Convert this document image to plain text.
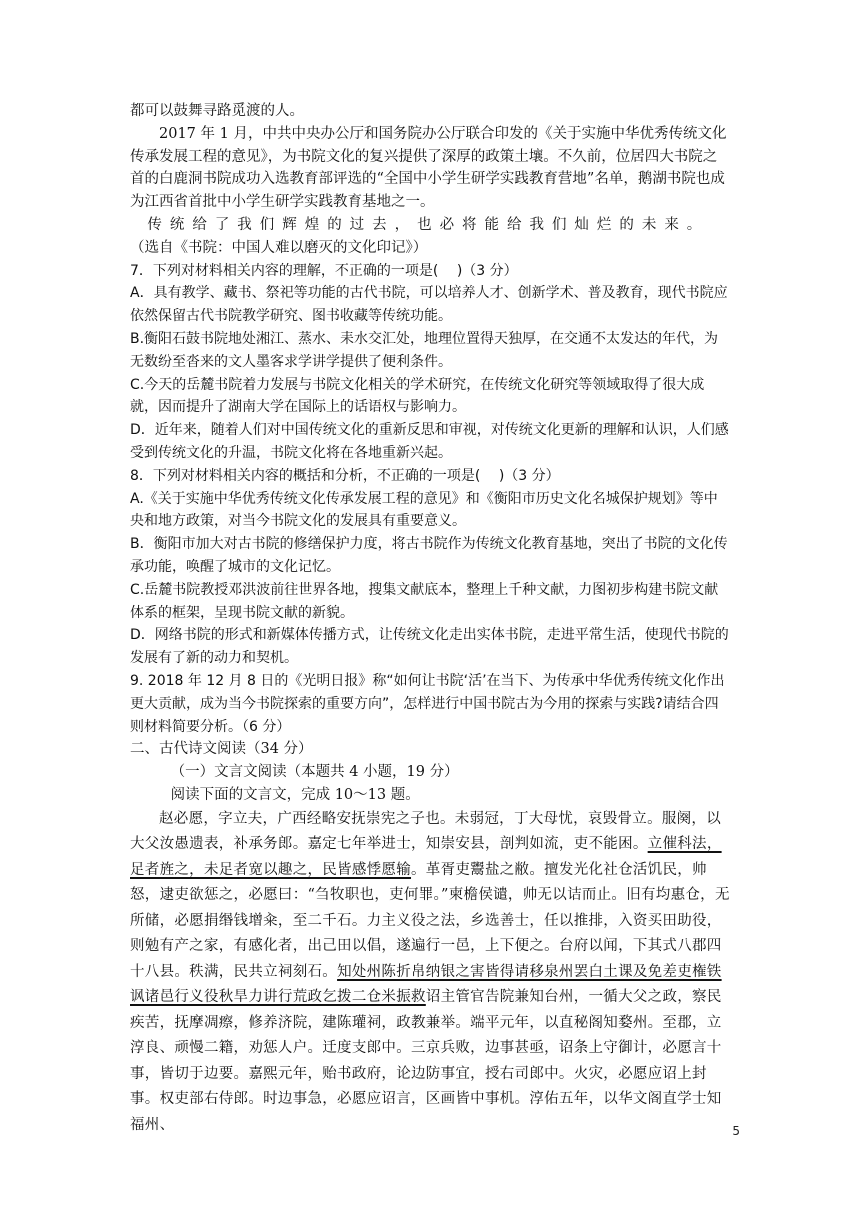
都可以鼓舞寻路觅渡的人。

2017 年 1 月，中共中央办公厅和国务院办公厅联合印发的《关于实施中华优秀传统文化传承发展工程的意见》，为书院文化的复兴提供了深厚的政策土壤。不久前，位居四大书院之首的白鹿洞书院成功入选教育部评选的“全国中小学生研学实践教育营地”名单，鹅湖书院也成为江西省首批中小学生研学实践教育基地之一。

传统给了我们辉煌的过去，也必将能给我们灿烂的未来。

（选自《书院：中国人难以磨灭的文化印记》）

7．下列对材料相关内容的理解，不正确的一项是(　 )（3 分）

A．具有教学、藏书、祭祀等功能的古代书院，可以培养人才、创新学术、普及教育，现代书院应依然保留古代书院教学研究、图书收藏等传统功能。

B.衡阳石鼓书院地处湘江、蒸水、耒水交汇处，地理位置得天独厚，在交通不太发达的年代，为无数纷至沓来的文人墨客求学讲学提供了便利条件。

C.今天的岳麓书院着力发展与书院文化相关的学术研究，在传统文化研究等领域取得了很大成就，因而提升了湖南大学在国际上的话语权与影响力。

D．近年来，随着人们对中国传统文化的重新反思和审视，对传统文化更新的理解和认识，人们感受到传统文化的升温，书院文化将在各地重新兴起。

8．下列对材料相关内容的概括和分析，不正确的一项是(　 )（3 分）

A.《关于实施中华优秀传统文化传承发展工程的意见》和《衡阳市历史文化名城保护规划》等中央和地方政策，对当今书院文化的发展具有重要意义。

B．衡阳市加大对古书院的修缮保护力度，将古书院作为传统文化教育基地，突出了书院的文化传承功能，唤醒了城市的文化记忆。

C.岳麓书院教授邓洪波前往世界各地，搜集文献底本，整理上千种文献，力图初步构建书院文献体系的框架，呈现书院文献的新貌。

D．网络书院的形式和新媒体传播方式，让传统文化走出实体书院，走进平常生活，使现代书院的发展有了新的动力和契机。

9. 2018 年 12 月 8 日的《光明日报》称“如何让书院‘活’在当下、为传承中华优秀传统文化作出更大贡献，成为当今书院探索的重要方向”，怎样进行中国书院古为今用的探索与实践?请结合四则材料简要分析。（6 分）

二、古代诗文阅读（34 分）

（一）文言文阅读（本题共 4 小题，19 分）

阅读下面的文言文，完成 10～13 题。

赵必愿，字立夫，广西经略安抚崇宪之子也。未弱冠，丁大母忧，哀毁骨立。服阕，以大父汝愚遗表，补承务郎。嘉定七年举进士，知崇安县，剖判如流，吏不能困。立催科法，足者旌之，未足者宽以趣之，民皆感悸愿输。革胥吏鬻盐之敝。擅发光化社仓活饥民，帅怒，逮吏欲惩之，必愿曰：“刍牧职也，吏何罪。”柬檐侯谴，帅无以诘而止。旧有均惠仓，无所储，必愿捐缗钱增籴，至二千石。力主义役之法，乡选善士，任以推排，入资买田助役，则勉有产之家，有感化者，出己田以倡，遂遍行一邑，上下便之。台府以闻，下其式八郡四十八县。秩满，民共立祠刻石。知处州陈折帛纳银之害皆得请移泉州罢白土课及免差吏権铁讽诸邑行义役秋旱力讲行荒政乞拨二仓米振救诏主管官告院兼知台州，一循大父之政，察民疾苦，抚摩凋瘵，修养济院，建陈瓘祠，政教兼举。端平元年，以直秘阁知婺州。至郡，立淳良、顽慢二籍，劝惩人户。迁度支郎中。三京兵败，边事甚亟，诏条上守御计，必愿言十事，皆切于边要。嘉熙元年，贻书政府，论边防事宜，授右司郎中。火灾，必愿应诏上封事。权吏部右侍郎。时边事急，必愿应诏言，区画皆中事机。淳佑五年，以华文阁直学士知福州、	5
